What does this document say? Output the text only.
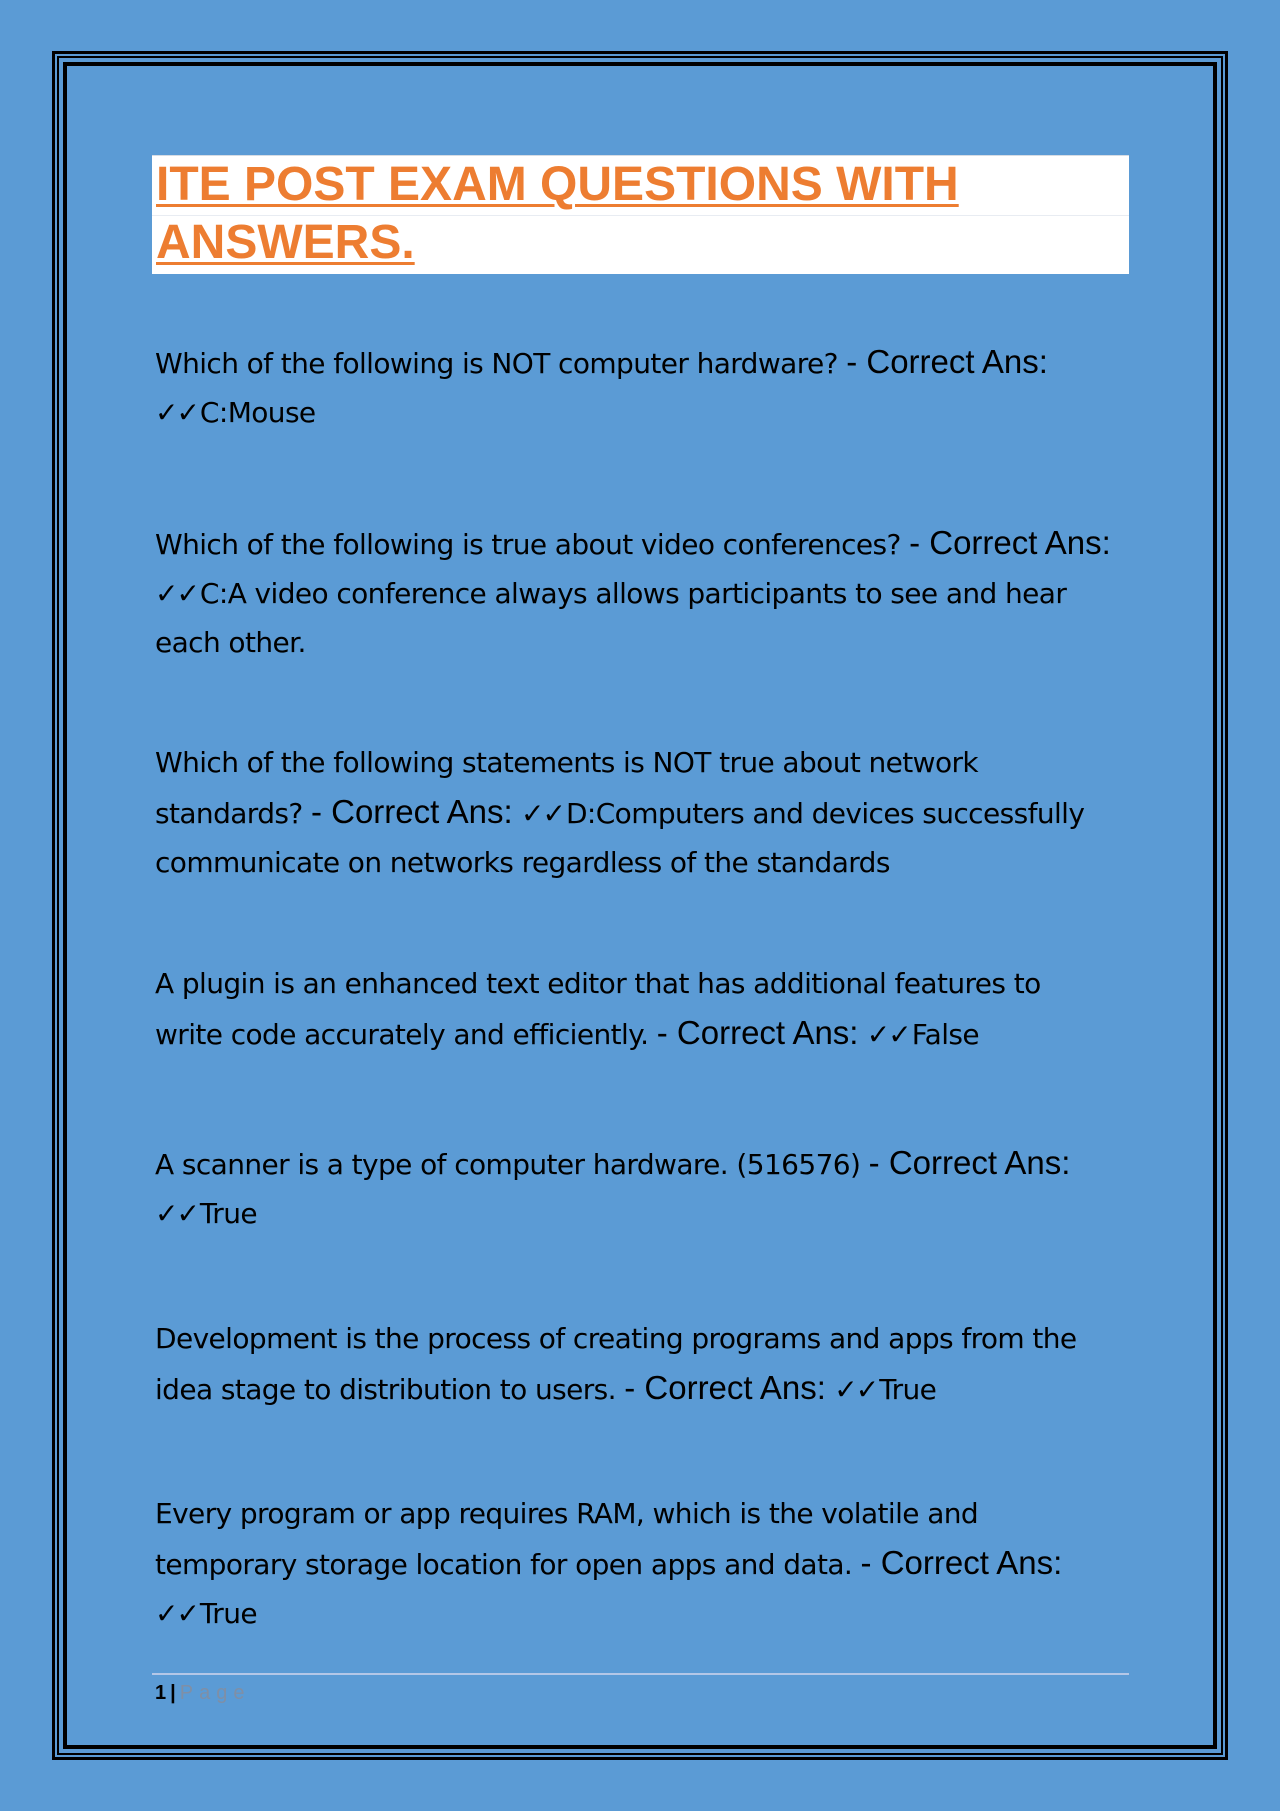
ITE POST EXAM QUESTIONS WITH ANSWERS.

Which of the following is NOT computer hardware? - Correct Ans: ✓✓C:Mouse

Which of the following is true about video conferences? - Correct Ans: ✓✓C:A video conference always allows participants to see and hear each other.

Which of the following statements is NOT true about network standards? - Correct Ans: ✓✓D:Computers and devices successfully communicate on networks regardless of the standards

A plugin is an enhanced text editor that has additional features to write code accurately and efficiently. - Correct Ans: ✓✓False

A scanner is a type of computer hardware. (516576) - Correct Ans: ✓✓True

Development is the process of creating programs and apps from the idea stage to distribution to users. - Correct Ans: ✓✓True

Every program or app requires RAM, which is the volatile and temporary storage location for open apps and data. - Correct Ans: ✓✓True

1 | Page
